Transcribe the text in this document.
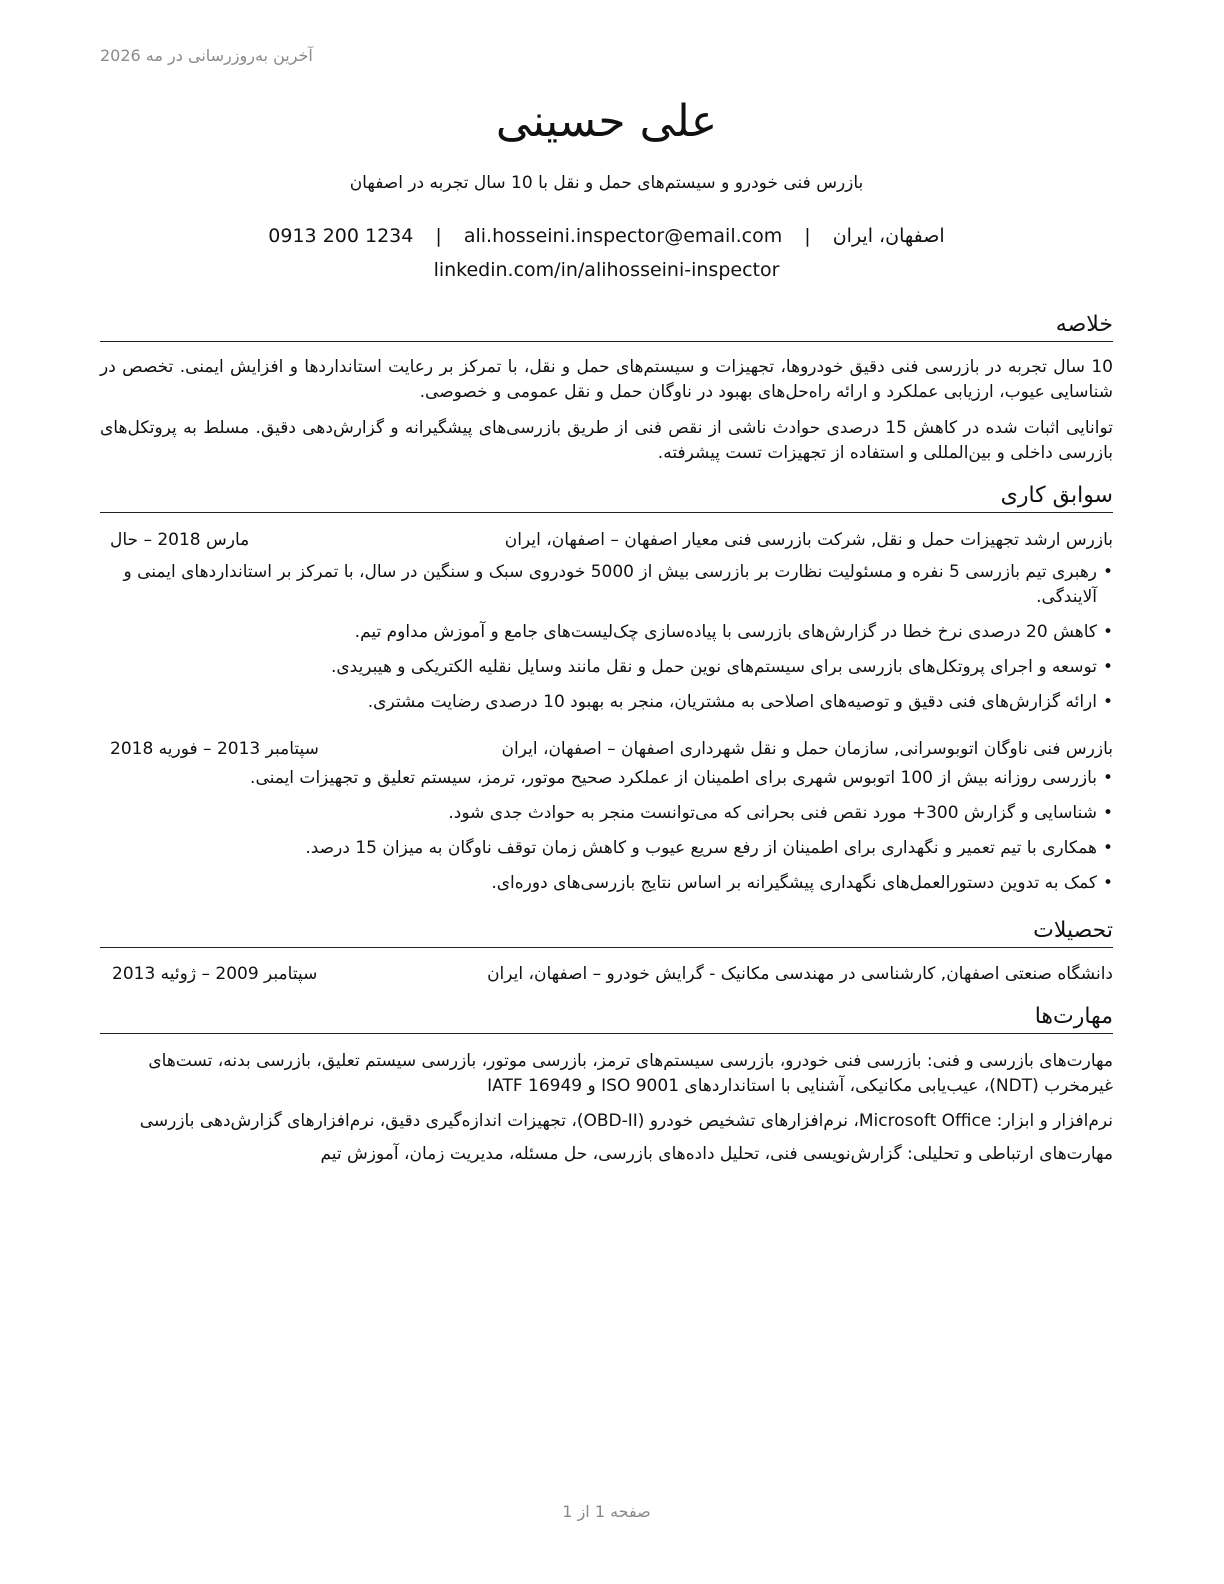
آخرین به‌روزرسانی در مه 2026
علی حسینی
بازرس فنی خودرو و سیستم‌های حمل و نقل با 10 سال تجربه در اصفهان
اصفهان، ایران | ali.hosseini.inspector@email.com | 0913 200 1234
linkedin.com/in/alihosseini-inspector
خلاصه

10 سال تجربه در بازرسی فنی دقیق خودروها، تجهیزات و سیستم‌های حمل و نقل، با تمرکز بر رعایت استانداردها و افزایش ایمنی. تخصص در شناسایی عیوب، ارزیابی عملکرد و ارائه راه‌حل‌های بهبود در ناوگان حمل و نقل عمومی و خصوصی.

توانایی اثبات شده در کاهش 15 درصدی حوادث ناشی از نقص فنی از طریق بازرسی‌های پیشگیرانه و گزارش‌دهی دقیق. مسلط به پروتکل‌های بازرسی داخلی و بین‌المللی و استفاده از تجهیزات تست پیشرفته.

سوابق کاری
بازرس ارشد تجهیزات حمل و نقل, شرکت بازرسی فنی معیار اصفهان – اصفهان، ایران
مارس 2018 – حال
•
رهبری تیم بازرسی 5 نفره و مسئولیت نظارت بر بازرسی بیش از 5000 خودروی سبک و سنگین در سال، با تمرکز بر استانداردهای ایمنی و آلایندگی.
•
کاهش 20 درصدی نرخ خطا در گزارش‌های بازرسی با پیاده‌سازی چک‌لیست‌های جامع و آموزش مداوم تیم.
•
توسعه و اجرای پروتکل‌های بازرسی برای سیستم‌های نوین حمل و نقل مانند وسایل نقلیه الکتریکی و هیبریدی.
•
ارائه گزارش‌های فنی دقیق و توصیه‌های اصلاحی به مشتریان، منجر به بهبود 10 درصدی رضایت مشتری.
بازرس فنی ناوگان اتوبوسرانی, سازمان حمل و نقل شهرداری اصفهان – اصفهان، ایران
سپتامبر 2013 – فوریه 2018
•
بازرسی روزانه بیش از 100 اتوبوس شهری برای اطمینان از عملکرد صحیح موتور، ترمز، سیستم تعلیق و تجهیزات ایمنی.
•
شناسایی و گزارش 300+ مورد نقص فنی بحرانی که می‌توانست منجر به حوادث جدی شود.
•
همکاری با تیم تعمیر و نگهداری برای اطمینان از رفع سریع عیوب و کاهش زمان توقف ناوگان به میزان 15 درصد.
•
کمک به تدوین دستورالعمل‌های نگهداری پیشگیرانه بر اساس نتایج بازرسی‌های دوره‌ای.
تحصیلات
دانشگاه صنعتی اصفهان, کارشناسی در مهندسی مکانیک - گرایش خودرو – اصفهان، ایران
سپتامبر 2009 – ژوئیه 2013
مهارت‌ها

مهارت‌های بازرسی و فنی: بازرسی فنی خودرو، بازرسی سیستم‌های ترمز، بازرسی موتور، بازرسی سیستم تعلیق، بازرسی بدنه، تست‌های غیرمخرب (NDT)، عیب‌یابی مکانیکی، آشنایی با استانداردهای ISO 9001 و IATF 16949

نرم‌افزار و ابزار: Microsoft Office، نرم‌افزارهای تشخیص خودرو (OBD-II)، تجهیزات اندازه‌گیری دقیق، نرم‌افزارهای گزارش‌دهی بازرسی

مهارت‌های ارتباطی و تحلیلی: گزارش‌نویسی فنی، تحلیل داده‌های بازرسی، حل مسئله، مدیریت زمان، آموزش تیم

صفحه 1 از 1
